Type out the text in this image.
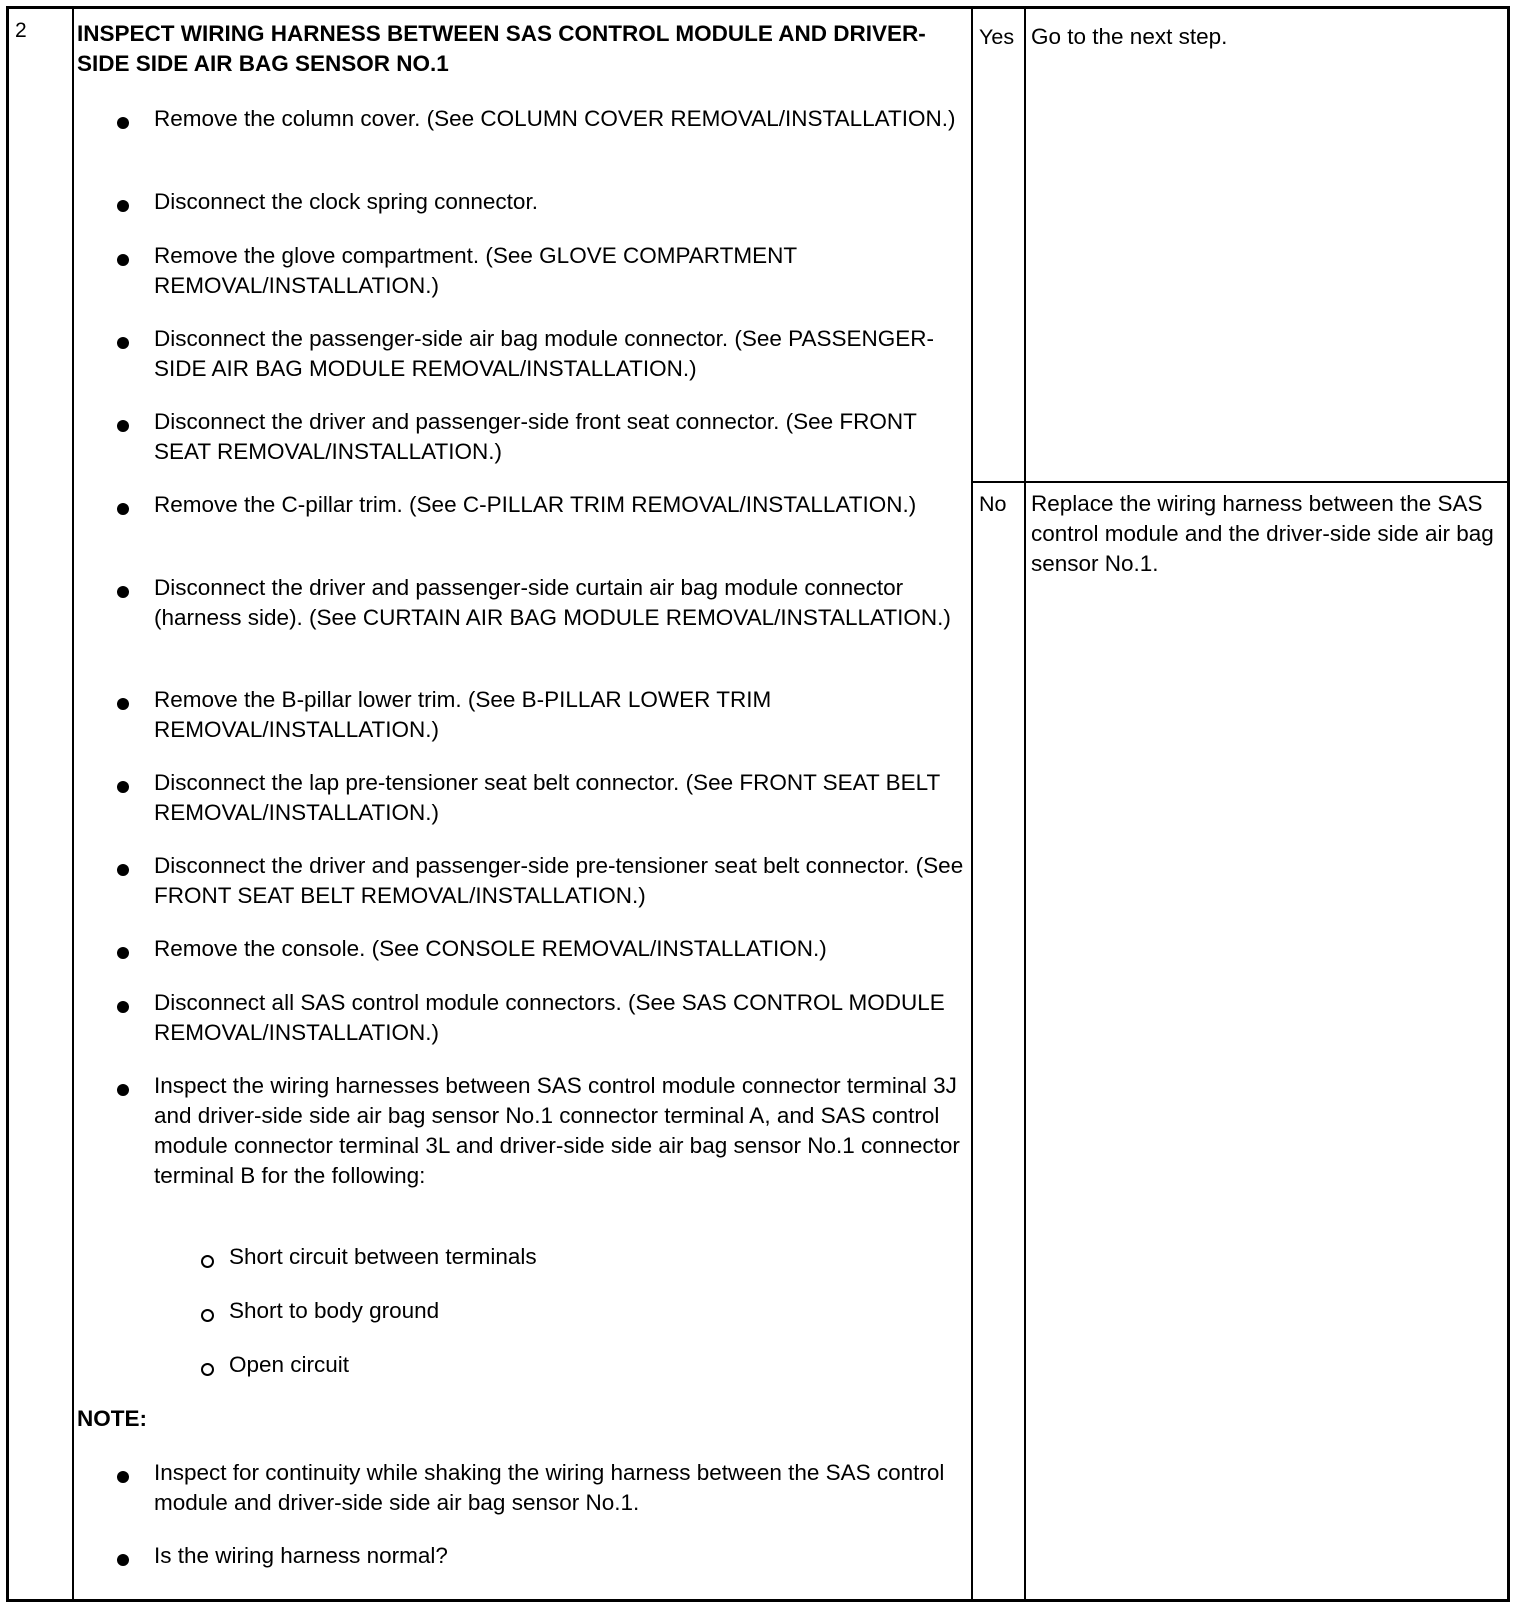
2 INSPECT WIRING HARNESS BETWEEN SAS CONTROL MODULE AND DRIVER-SIDE SIDE AIR BAG SENSOR NO.1
Remove the column cover. (See COLUMN COVER REMOVAL/INSTALLATION.)
Disconnect the clock spring connector.
Remove the glove compartment. (See GLOVE COMPARTMENT REMOVAL/INSTALLATION.)
Disconnect the passenger-side air bag module connector. (See PASSENGER-SIDE AIR BAG MODULE REMOVAL/INSTALLATION.)
Disconnect the driver and passenger-side front seat connector. (See FRONT SEAT REMOVAL/INSTALLATION.)
Remove the C-pillar trim. (See C-PILLAR TRIM REMOVAL/INSTALLATION.)
Disconnect the driver and passenger-side curtain air bag module connector (harness side). (See CURTAIN AIR BAG MODULE REMOVAL/INSTALLATION.)
Remove the B-pillar lower trim. (See B-PILLAR LOWER TRIM REMOVAL/INSTALLATION.)
Disconnect the lap pre-tensioner seat belt connector. (See FRONT SEAT BELT REMOVAL/INSTALLATION.)
Disconnect the driver and passenger-side pre-tensioner seat belt connector. (See FRONT SEAT BELT REMOVAL/INSTALLATION.)
Remove the console. (See CONSOLE REMOVAL/INSTALLATION.)
Disconnect all SAS control module connectors. (See SAS CONTROL MODULE REMOVAL/INSTALLATION.)
Inspect the wiring harnesses between SAS control module connector terminal 3J and driver-side side air bag sensor No.1 connector terminal A, and SAS control module connector terminal 3L and driver-side side air bag sensor No.1 connector terminal B for the following:
Short circuit between terminals
Short to body ground
Open circuit
NOTE:
Inspect for continuity while shaking the wiring harness between the SAS control module and driver-side side air bag sensor No.1.
Is the wiring harness normal?
Yes Go to the next step.
No Replace the wiring harness between the SAS control module and the driver-side side air bag sensor No.1.
